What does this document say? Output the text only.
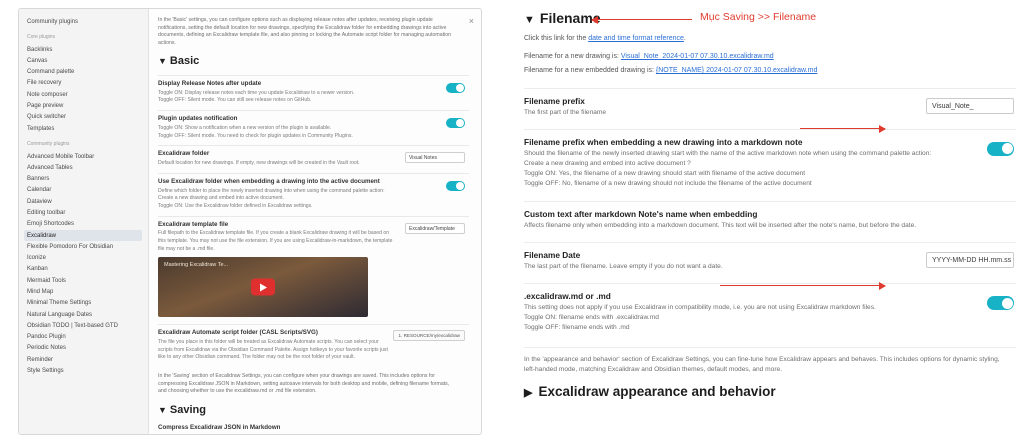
×
Community plugins
Core plugins
Backlinks
Canvas
Command palette
File recovery
Note composer
Page preview
Quick switcher
Templates
Community plugins
Advanced Mobile Toolbar
Advanced Tables
Banners
Calendar
Dataview
Editing toolbar
Emoji Shortcodes
Excalidraw
Flexible Pomodoro For Obsidian
Iconize
Kanban
Mermaid Tools
Mind Map
Minimal Theme Settings
Natural Language Dates
Obsidian TODO | Text-based GTD
Pandoc Plugin
Periodic Notes
Reminder
Style Settings
In the 'Basic' settings, you can configure options such as displaying release notes after updates, receiving plugin update notifications, setting the default location for new drawings, specifying the Excalidraw folder for embedding drawings into active documents, defining an Excalidraw template file, and also pinning or locking the Automate script folder for managing automation actions.
▼ Basic
Display Release Notes after update
Toggle ON: Display release notes each time you update Excalidraw to a newer version.
Toggle OFF: Silent mode. You can still see release notes on GitHub.
Plugin updates notification
Toggle ON: Show a notification when a new version of the plugin is available.
Toggle OFF: Silent mode. You need to check for plugin updates in Community Plugins.
Excalidraw folder
Default location for new drawings. If empty, new drawings will be created in the Vault root.
Visual Notes
Use Excalidraw folder when embedding a drawing into the active document
Define which folder to place the newly inserted drawing into when using the command palette action: Create a new drawing and embed into active document.
Toggle ON: Use the Excalidraw folder defined in Excalidraw settings.
Excalidraw template file
Full filepath to the Excalidraw template file. If you create a blank Excalidraw drawing it will be based on this template. You may not use the file extension. If you are using Excalidraw-in-markdown, the template file may not be a .md file.
Excalidraw/Template
Mastering Excalidraw Te...
Excalidraw Automate script folder (CASL Scripts/SVG)
The file you place in this folder will be treated as Excalidraw Automate scripts. You can select your scripts from Excalidraw via the Obsidian Command Palette. Assign hotkeys to your favorite scripts just like to any other Obsidian command. The folder may not be the root folder of your vault.
1. RESOURCE/my/excalidraw
In the 'Saving' section of Excalidraw Settings, you can configure when your drawings are saved. This includes options for compressing Excalidraw JSON in Markdown, setting autosave intervals for both desktop and mobile, defining filename formats, and choosing whether to use the excalidraw.md or .md file extension.
▼ Saving
Compress Excalidraw JSON in Markdown
▼ Filename

Click this link for the date and time format reference.

Filename for a new drawing is: Visual_Note_2024-01-07 07.30.10.excalidraw.md

Filename for a new embedded drawing is: {NOTE_NAME} 2024-01-07 07.30.10.excalidraw.md

Filename prefix
The first part of the filename
Visual_Note_
Filename prefix when embedding a new drawing into a markdown note
Should the filename of the newly inserted drawing start with the name of the active markdown note when using the command palette action: Create a new drawing and embed into active document ?
Toggle ON: Yes, the filename of a new drawing should start with filename of the active document
Toggle OFF: No, filename of a new drawing should not include the filename of the active document
Custom text after markdown Note's name when embedding
Affects filename only when embedding into a markdown document. This text will be inserted after the note's name, but before the date.
Filename Date
The last part of the filename. Leave empty if you do not want a date.
YYYY-MM-DD HH.mm.ss
.excalidraw.md or .md
This setting does not apply if you use Excalidraw in compatibility mode, i.e. you are not using Excalidraw markdown files.
Toggle ON: filename ends with .excalidraw.md
Toggle OFF: filename ends with .md
In the 'appearance and behavior' section of Excalidraw Settings, you can fine-tune how Excalidraw appears and behaves. This includes options for dynamic styling, left-handed mode, matching Excalidraw and Obsidian themes, default modes, and more.
▶ Excalidraw appearance and behavior
Mục Saving >> Filename
